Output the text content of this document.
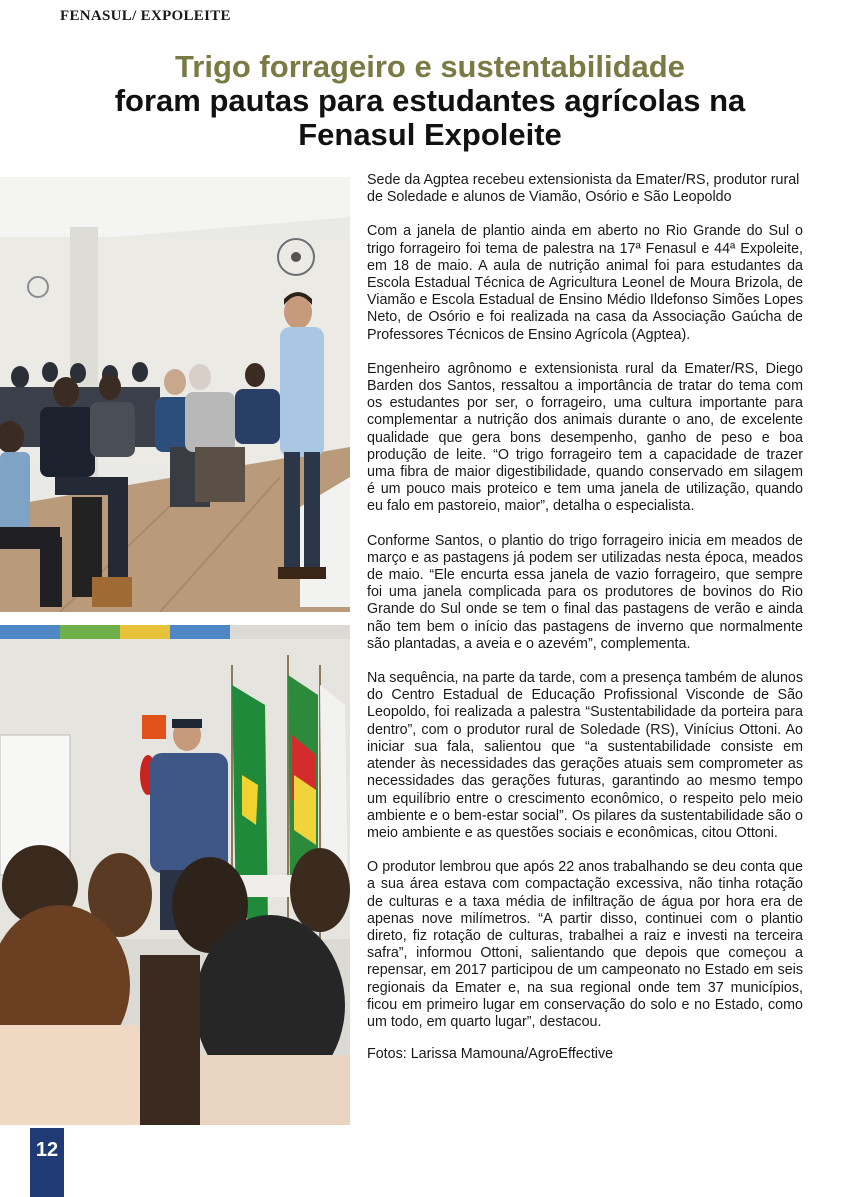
FENASUL/ EXPOLEITE
Trigo forrageiro e sustentabilidade
foram pautas para estudantes agrícolas na
Fenasul Expoleite

Sede da Agptea recebeu extensionista da Emater/RS, produtor rural de Soledade e alunos de Viamão, Osório e São Leopoldo

Com a janela de plantio ainda em aberto no Rio Grande do Sul o trigo forrageiro foi tema de palestra na 17ª Fenasul e 44ª Expoleite, em 18 de maio. A aula de nutrição animal foi para estudantes da Escola Estadual Técnica de Agricultura Leonel de Moura Brizola, de Viamão e Escola Estadual de Ensino Médio Ildefonso Simões Lopes Neto, de Osório e foi realizada na casa da Associação Gaúcha de Professores Técnicos de Ensino Agrícola (Agptea).

Engenheiro agrônomo e extensionista rural da Emater/RS, Diego Barden dos Santos, ressaltou a importância de tratar do tema com os estudantes por ser, o forrageiro, uma cultura importante para complementar a nutrição dos animais durante o ano, de excelente qualidade que gera bons desempenho, ganho de peso e boa produção de leite. “O trigo forrageiro tem a capacidade de trazer uma fibra de maior digestibilidade, quando conservado em silagem é um pouco mais proteico e tem uma janela de utilização, quando eu falo em pastoreio, maior”, detalha o especialista.

Conforme Santos, o plantio do trigo forrageiro inicia em meados de março e as pastagens já podem ser utilizadas nesta época, meados de maio. “Ele encurta essa janela de vazio forrageiro, que sempre foi uma janela complicada para os produtores de bovinos do Rio Grande do Sul onde se tem o final das pastagens de verão e ainda não tem bem o início das pastagens de inverno que normalmente são plantadas, a aveia e o azevém”, complementa.

Na sequência, na parte da tarde, com a presença também de alunos do Centro Estadual de Educação Profissional Visconde de São Leopoldo, foi realizada a palestra “Sustentabilidade da porteira para dentro”, com o produtor rural de Soledade (RS), Vinícius Ottoni. Ao iniciar sua fala, salientou que “a sustentabilidade consiste em atender às necessidades das gerações atuais sem comprometer as necessidades das gerações futuras, garantindo ao mesmo tempo um equilíbrio entre o crescimento econômico, o respeito pelo meio ambiente e o bem-estar social”. Os pilares da sustentabilidade são o meio ambiente e as questões sociais e econômicas, citou Ottoni.

O produtor lembrou que após 22 anos trabalhando se deu conta que a sua área estava com compactação excessiva, não tinha rotação de culturas e a taxa média de infiltração de água por hora era de apenas nove milímetros. “A partir disso, continuei com o plantio direto, fiz rotação de culturas, trabalhei a raiz e investi na terceira safra”, informou Ottoni, salientando que depois que começou a repensar, em 2017 participou de um campeonato no Estado em seis regionais da Emater e, na sua regional onde tem 37 municípios, ficou em primeiro lugar em conservação do solo e no Estado, como um todo, em quarto lugar”, destacou.

Fotos: Larissa Mamouna/AgroEffective

12
